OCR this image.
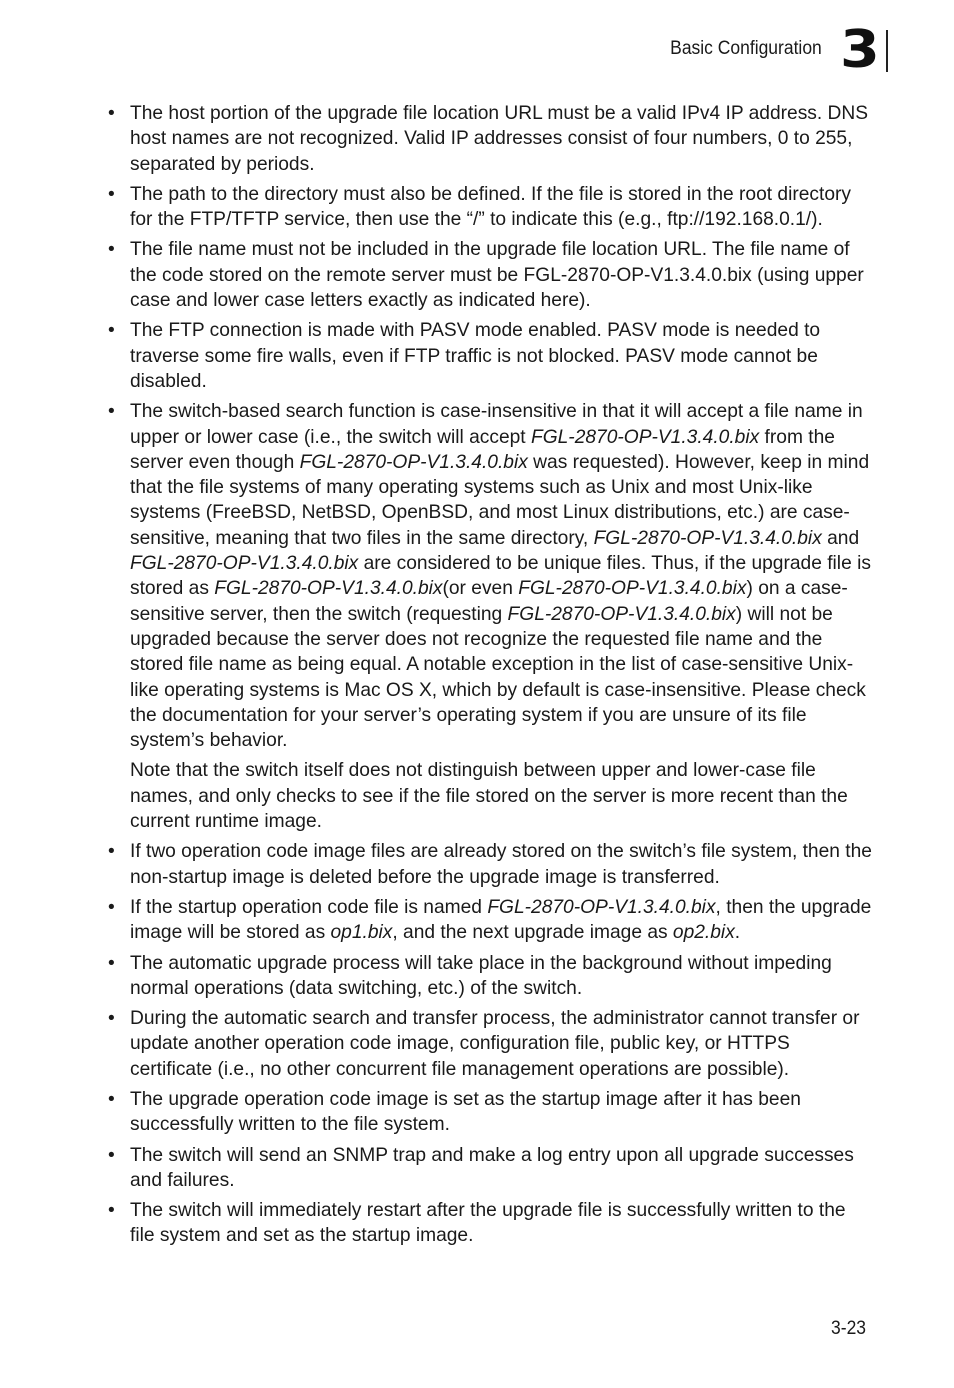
Basic Configuration 3
• The host portion of the upgrade file location URL must be a valid IPv4 IP address. DNS host names are not recognized. Valid IP addresses consist of four numbers, 0 to 255, separated by periods.
• The path to the directory must also be defined. If the file is stored in the root directory for the FTP/TFTP service, then use the “/” to indicate this (e.g., ftp://192.168.0.1/).
• The file name must not be included in the upgrade file location URL. The file name of the code stored on the remote server must be FGL-2870-OP-V1.3.4.0.bix (using upper case and lower case letters exactly as indicated here).
• The FTP connection is made with PASV mode enabled. PASV mode is needed to traverse some fire walls, even if FTP traffic is not blocked. PASV mode cannot be disabled.
• The switch-based search function is case-insensitive in that it will accept a file name in upper or lower case (i.e., the switch will accept FGL-2870-OP-V1.3.4.0.bix from the server even though FGL-2870-OP-V1.3.4.0.bix was requested). However, keep in mind that the file systems of many operating systems such as Unix and most Unix-like systems (FreeBSD, NetBSD, OpenBSD, and most Linux distributions, etc.) are case-sensitive, meaning that two files in the same directory, FGL-2870-OP-V1.3.4.0.bix and FGL-2870-OP-V1.3.4.0.bix are considered to be unique files. Thus, if the upgrade file is stored as FGL-2870-OP-V1.3.4.0.bix(or even FGL-2870-OP-V1.3.4.0.bix) on a case-sensitive server, then the switch (requesting FGL-2870-OP-V1.3.4.0.bix) will not be upgraded because the server does not recognize the requested file name and the stored file name as being equal. A notable exception in the list of case-sensitive Unix-like operating systems is Mac OS X, which by default is case-insensitive. Please check the documentation for your server’s operating system if you are unsure of its file system’s behavior.
Note that the switch itself does not distinguish between upper and lower-case file names, and only checks to see if the file stored on the server is more recent than the current runtime image.
• If two operation code image files are already stored on the switch’s file system, then the non-startup image is deleted before the upgrade image is transferred.
• If the startup operation code file is named FGL-2870-OP-V1.3.4.0.bix, then the upgrade image will be stored as op1.bix, and the next upgrade image as op2.bix.
• The automatic upgrade process will take place in the background without impeding normal operations (data switching, etc.) of the switch.
• During the automatic search and transfer process, the administrator cannot transfer or update another operation code image, configuration file, public key, or HTTPS certificate (i.e., no other concurrent file management operations are possible).
• The upgrade operation code image is set as the startup image after it has been successfully written to the file system.
• The switch will send an SNMP trap and make a log entry upon all upgrade successes and failures.
• The switch will immediately restart after the upgrade file is successfully written to the file system and set as the startup image.
3-23
